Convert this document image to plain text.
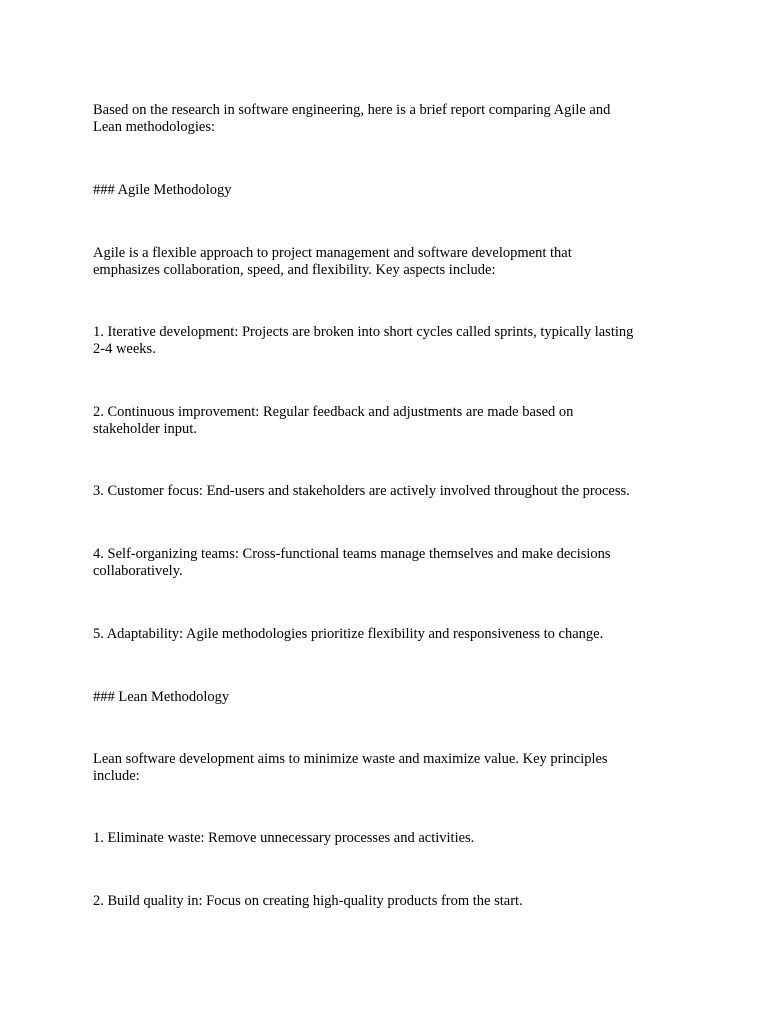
Based on the research in software engineering, here is a brief report comparing Agile and
Lean methodologies:

### Agile Methodology

Agile is a flexible approach to project management and software development that
emphasizes collaboration, speed, and flexibility. Key aspects include:

1. Iterative development: Projects are broken into short cycles called sprints, typically lasting
2-4 weeks.

2. Continuous improvement: Regular feedback and adjustments are made based on
stakeholder input.

3. Customer focus: End-users and stakeholders are actively involved throughout the process.

4. Self-organizing teams: Cross-functional teams manage themselves and make decisions
collaboratively.

5. Adaptability: Agile methodologies prioritize flexibility and responsiveness to change.

### Lean Methodology

Lean software development aims to minimize waste and maximize value. Key principles
include:

1. Eliminate waste: Remove unnecessary processes and activities.

2. Build quality in: Focus on creating high-quality products from the start.
